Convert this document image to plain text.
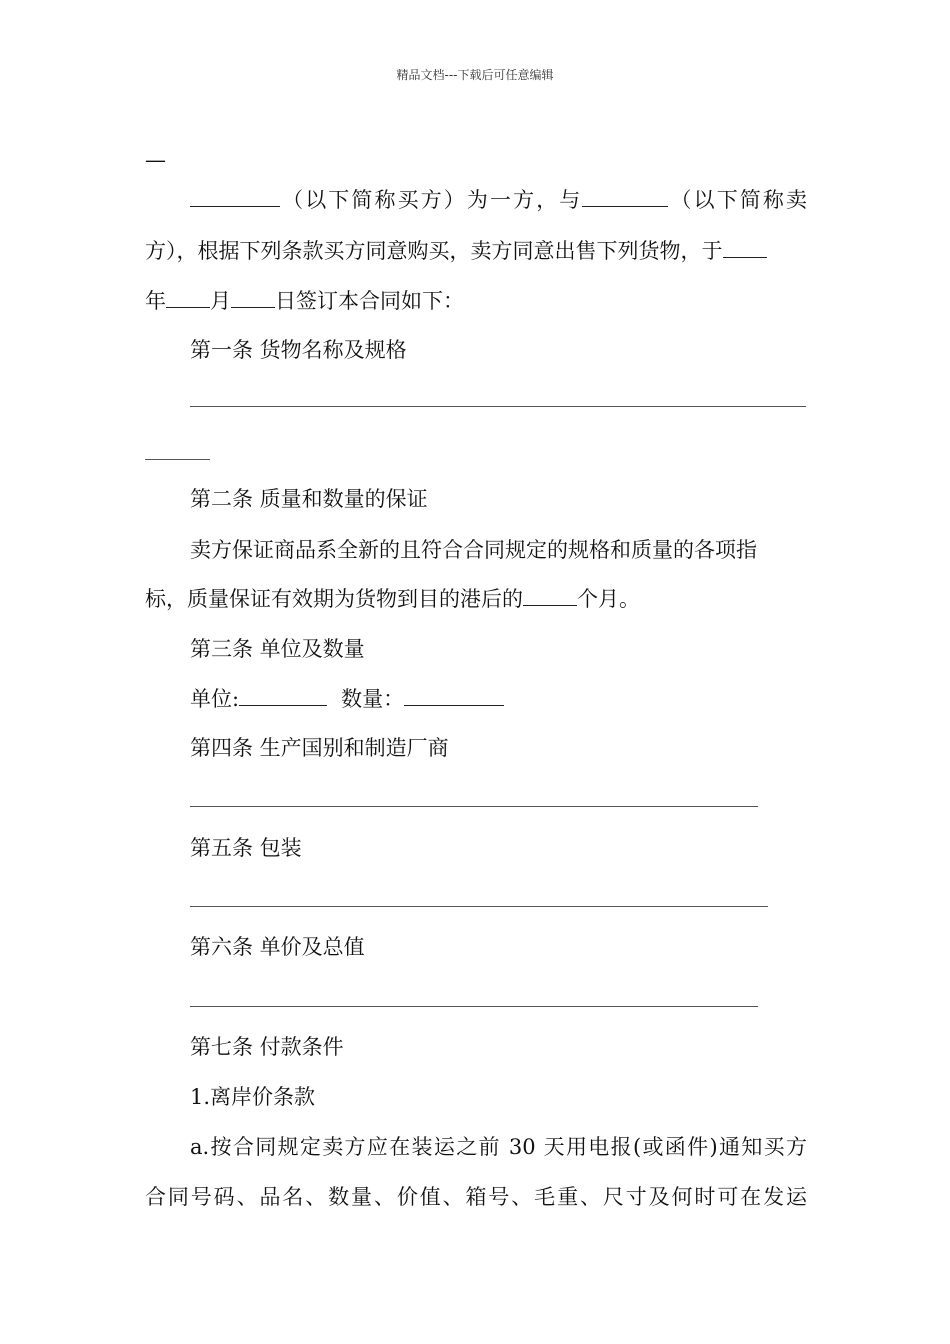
精品文档---下载后可任意编辑
—
（以下简称买方）为一方，与	（以下简称卖
方），根据下列条款买方同意购买，卖方同意出售下列货物，于
年 月 日签订本合同如下：
第一条 货物名称及规格
第二条 质量和数量的保证
卖方保证商品系全新的且符合合同规定的规格和质量的各项指
标，质量保证有效期为货物到目的港后的	个月。
第三条 单位及数量
单位:	数量：
第四条 生产国别和制造厂商
第五条 包装
第六条 单价及总值
第七条 付款条件
1.离岸价条款
a.按合同规定卖方应在装运之前 30 天用电报(或函件)通知买方
合同号码、品名、数量、价值、箱号、毛重、尺寸及何时可在发运
